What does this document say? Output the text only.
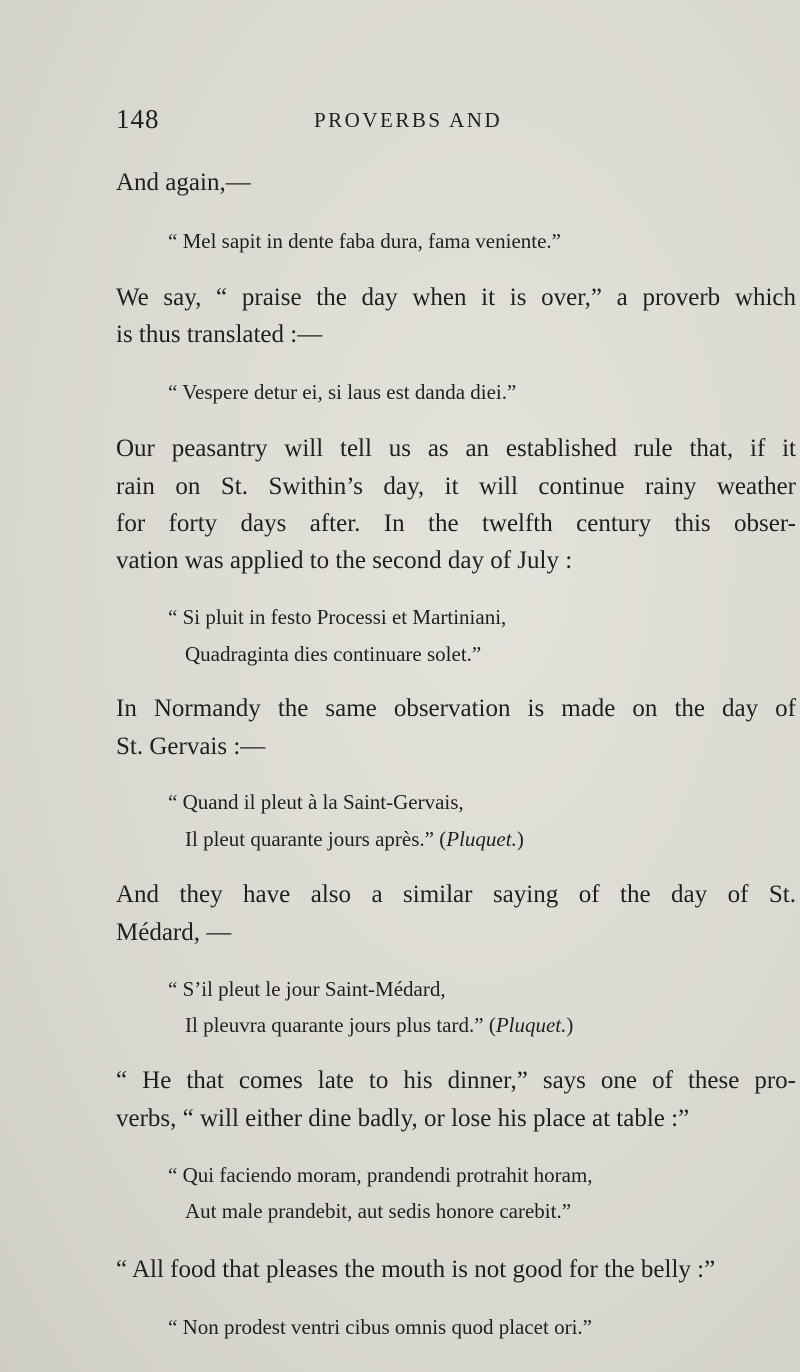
148	PROVERBS AND
And again,—
“ Mel sapit in dente faba dura, fama veniente.”
We say, “ praise the day when it is over,” a proverb which
is thus translated :—
“ Vespere detur ei, si laus est danda diei.”
Our peasantry will tell us as an established rule that, if it
rain on St. Swithin’s day, it will continue rainy weather
for forty days after. In the twelfth century this obser-
vation was applied to the second day of July :
“ Si pluit in festo Processi et Martiniani,
Quadraginta dies continuare solet.”
In Normandy the same observation is made on the day of
St. Gervais :—
“ Quand il pleut à la Saint-Gervais,
Il pleut quarante jours après.” (Pluquet.)
And they have also a similar saying of the day of St.
Médard, —
“ S’il pleut le jour Saint-Médard,
Il pleuvra quarante jours plus tard.” (Pluquet.)
“ He that comes late to his dinner,” says one of these pro-
verbs, “ will either dine badly, or lose his place at table :”
“ Qui faciendo moram, prandendi protrahit horam,
Aut male prandebit, aut sedis honore carebit.”
“ All food that pleases the mouth is not good for the belly :”
“ Non prodest ventri cibus omnis quod placet ori.”
